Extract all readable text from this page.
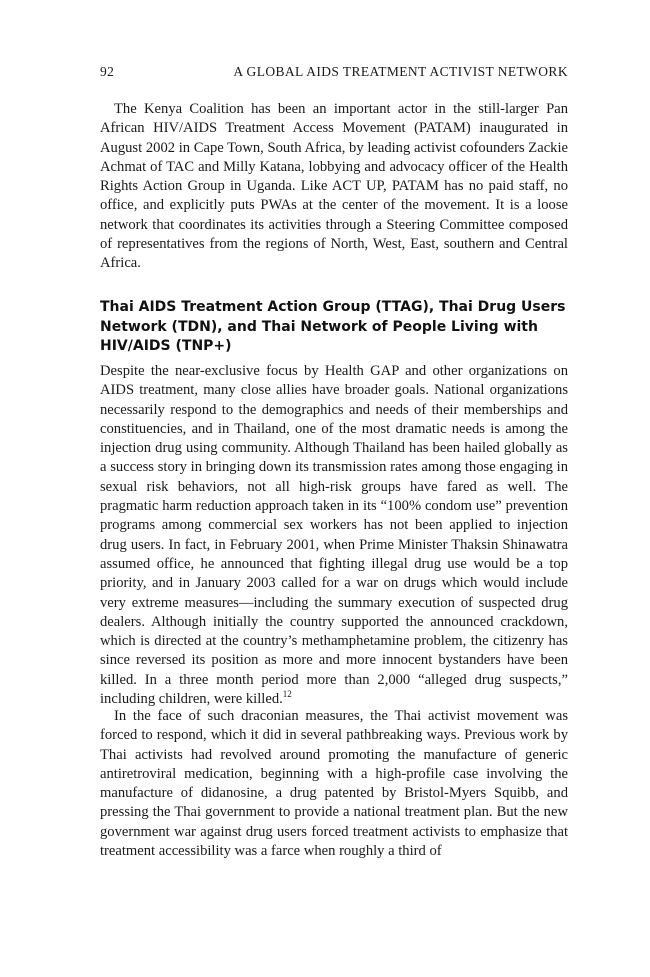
92	A GLOBAL AIDS TREATMENT ACTIVIST NETWORK

The Kenya Coalition has been an important actor in the still-larger Pan African HIV/AIDS Treatment Access Movement (PATAM) inaugurated in August 2002 in Cape Town, South Africa, by leading activist cofounders Zackie Achmat of TAC and Milly Katana, lobbying and advocacy officer of the Health Rights Action Group in Uganda. Like ACT UP, PATAM has no paid staff, no office, and explicitly puts PWAs at the center of the movement. It is a loose network that coordinates its activities through a Steering Committee composed of representatives from the regions of North, West, East, southern and Central Africa.

Thai AIDS Treatment Action Group (TTAG), Thai Drug Users Network (TDN), and Thai Network of People Living with HIV/AIDS (TNP+)

Despite the near-exclusive focus by Health GAP and other organizations on AIDS treatment, many close allies have broader goals. National organizations necessarily respond to the demographics and needs of their memberships and constituencies, and in Thailand, one of the most dramatic needs is among the injection drug using community. Although Thailand has been hailed globally as a success story in bringing down its transmission rates among those engaging in sexual risk behaviors, not all high-risk groups have fared as well. The pragmatic harm reduction approach taken in its “100% condom use” prevention programs among commercial sex workers has not been applied to injection drug users. In fact, in February 2001, when Prime Minister Thaksin Shinawatra assumed office, he announced that fighting illegal drug use would be a top priority, and in January 2003 called for a war on drugs which would include very extreme measures—including the summary execution of suspected drug dealers. Although initially the country supported the announced crackdown, which is directed at the country’s methamphetamine problem, the citizenry has since reversed its position as more and more innocent bystanders have been killed. In a three month period more than 2,000 “alleged drug suspects,” including children, were killed.$^{12}$

In the face of such draconian measures, the Thai activist movement was forced to respond, which it did in several pathbreaking ways. Previous work by Thai activists had revolved around promoting the manufacture of generic antiretroviral medication, beginning with a high-profile case involving the manufacture of didanosine, a drug patented by Bristol-Myers Squibb, and pressing the Thai government to provide a national treatment plan. But the new government war against drug users forced treatment activists to emphasize that treatment accessibility was a farce when roughly a third of
